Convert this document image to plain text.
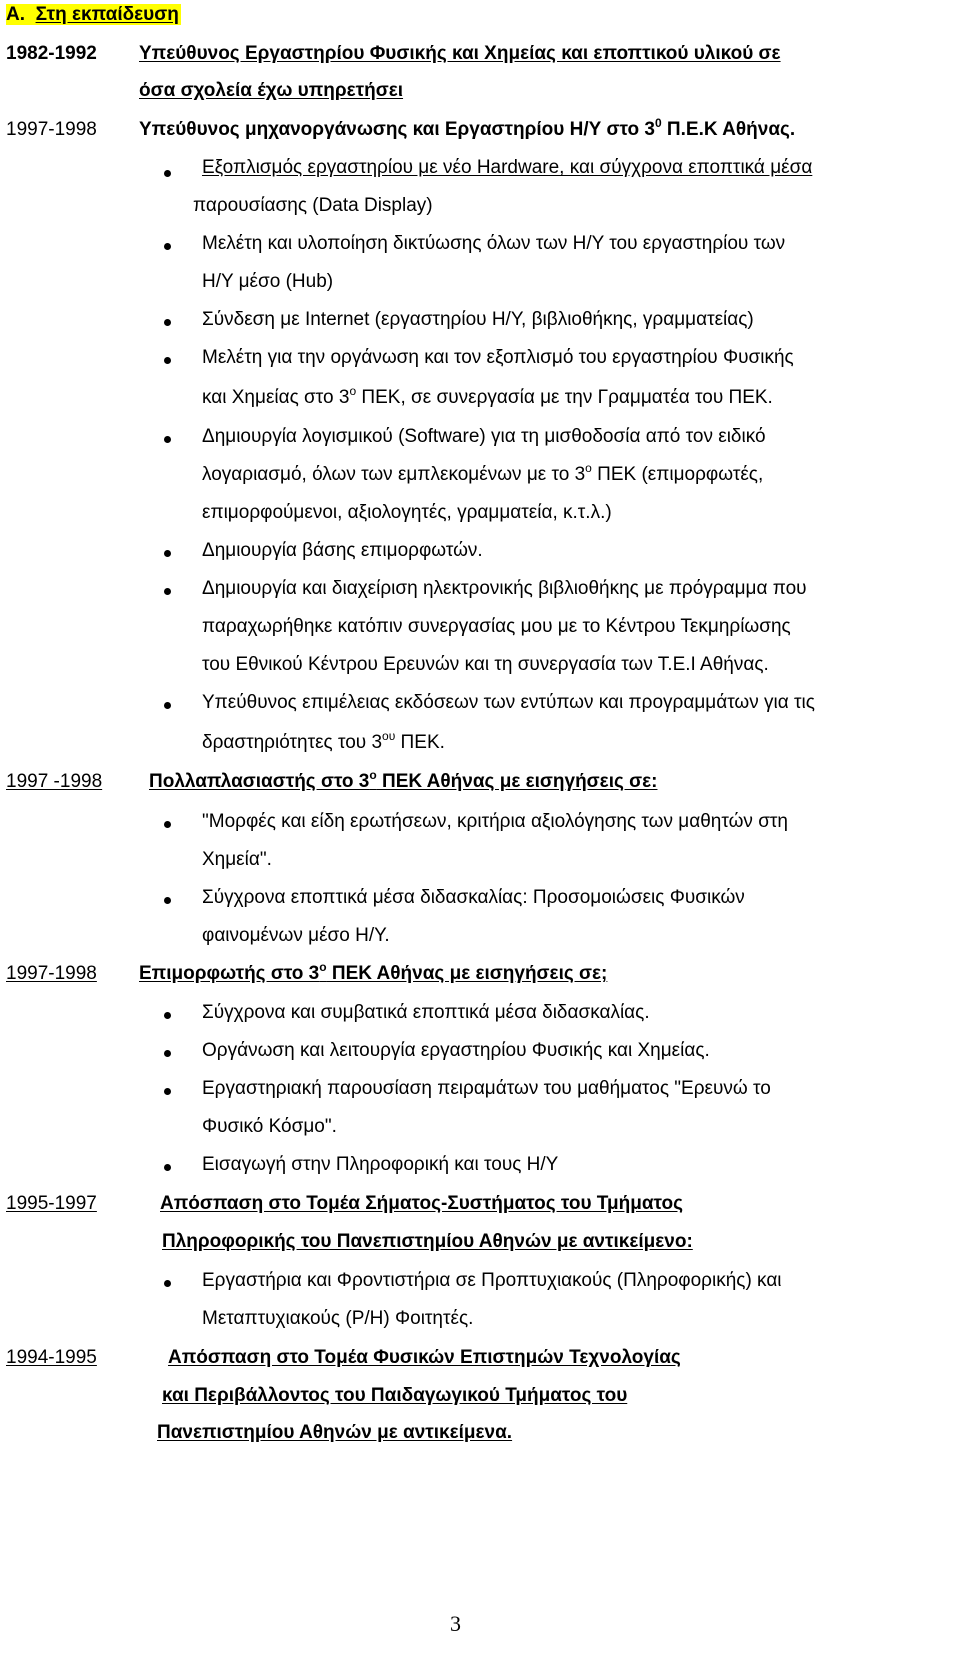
Α. Στη εκπαίδευση
1982-1992 Υπεύθυνος Εργαστηρίου Φυσικής και Χημείας και εποπτικού υλικού σε
όσα σχολεία έχω υπηρετήσει
1997-1998 Υπεύθυνος μηχανοργάνωσης και Εργαστηρίου Η/Υ στο $3^0$ Π.Ε.Κ Αθήνας.
Εξοπλισμός εργαστηρίου με νέο Hardware, και σύγχρονα εποπτικά μέσα
παρουσίασης (Data Display)
Μελέτη και υλοποίηση δικτύωσης όλων των Η/Υ του εργαστηρίου των
Η/Υ μέσο (Hub)
Σύνδεση με Internet (εργαστηρίου Η/Υ, βιβλιοθήκης, γραμματείας)
Μελέτη για την οργάνωση και τον εξοπλισμό του εργαστηρίου Φυσικής
και Χημείας στο $3^o$ ΠΕΚ, σε συνεργασία με την Γραμματέα του ΠΕΚ.
Δημιουργία λογισμικού (Software) για τη μισθοδοσία από τον ειδικό
λογαριασμό, όλων των εμπλεκομένων με το $3^o$ ΠΕΚ (επιμορφωτές,
επιμορφούμενοι, αξιολογητές, γραμματεία, κ.τ.λ.)
Δημιουργία βάσης επιμορφωτών.
Δημιουργία και διαχείριση ηλεκτρονικής βιβλιοθήκης με πρόγραμμα που
παραχωρήθηκε κατόπιν συνεργασίας μου με το Κέντρου Τεκμηρίωσης
του Εθνικού Κέντρου Ερευνών και τη συνεργασία των Τ.Ε.Ι Αθήνας.
Υπεύθυνος επιμέλειας εκδόσεων των εντύπων και προγραμμάτων για τις
δραστηριότητες του $3^{o\upsilon}$ ΠΕΚ.
1997 -1998 Πολλαπλασιαστής στο $3^o$ ΠΕΚ Αθήνας με εισηγήσεις σε:
"Μορφές και είδη ερωτήσεων, κριτήρια αξιολόγησης των μαθητών στη
Χημεία".
Σύγχρονα εποπτικά μέσα διδασκαλίας: Προσομοιώσεις Φυσικών
φαινομένων μέσο Η/Υ.
1997-1998 Επιμορφωτής στο $3^o$ ΠΕΚ Αθήνας με εισηγήσεις σε;
Σύγχρονα και συμβατικά εποπτικά μέσα διδασκαλίας.
Οργάνωση και λειτουργία εργαστηρίου Φυσικής και Χημείας.
Εργαστηριακή παρουσίαση πειραμάτων του μαθήματος "Ερευνώ το
Φυσικό Κόσμο".
Εισαγωγή στην Πληροφορική και τους Η/Υ
1995-1997	Απόσπαση στο Τομέα Σήματος-Συστήματος του Τμήματος
Πληροφορικής του Πανεπιστημίου Αθηνών με αντικείμενο:
Εργαστήρια και Φροντιστήρια σε Προπτυχιακούς (Πληροφορικής) και
Μεταπτυχιακούς (Ρ/Η) Φοιτητές.
1994-1995	Απόσπαση στο Τομέα Φυσικών Επιστημών Τεχνολογίας
και Περιβάλλοντος του Παιδαγωγικού Τμήματος του
Πανεπιστημίου Αθηνών με αντικείμενα.
3
